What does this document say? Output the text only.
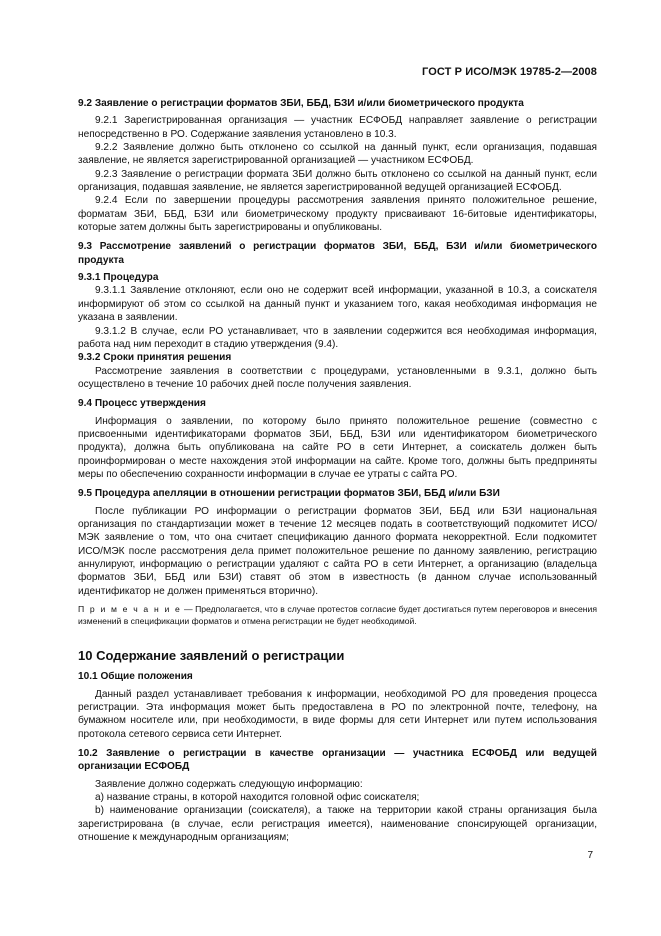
ГОСТ Р ИСО/МЭК 19785-2—2008

9.2 Заявление о регистрации форматов ЗБИ, ББД, БЗИ и/или биометрического продукта

9.2.1 Зарегистрированная организация — участник ЕСФОБД направляет заявление о регистрации непосредственно в РО. Содержание заявления установлено в 10.3.

9.2.2 Заявление должно быть отклонено со ссылкой на данный пункт, если организация, подавшая заявление, не является зарегистрированной организацией — участником ЕСФОБД.

9.2.3 Заявление о регистрации формата ЗБИ должно быть отклонено со ссылкой на данный пункт, если организация, подавшая заявление, не является зарегистрированной ведущей организацией ЕСФОБД.

9.2.4 Если по завершении процедуры рассмотрения заявления принято положительное решение, форматам ЗБИ, ББД, БЗИ или биометрическому продукту присваивают 16-битовые идентификаторы, которые затем должны быть зарегистрированы и опубликованы.

9.3 Рассмотрение заявлений о регистрации форматов ЗБИ, ББД, БЗИ и/или биометрического продукта

9.3.1 Процедура

9.3.1.1 Заявление отклоняют, если оно не содержит всей информации, указанной в 10.3, а соискателя информируют об этом со ссылкой на данный пункт и указанием того, какая необходимая информация не указана в заявлении.

9.3.1.2 В случае, если РО устанавливает, что в заявлении содержится вся необходимая информация, работа над ним переходит в стадию утверждения (9.4).

9.3.2 Сроки принятия решения

Рассмотрение заявления в соответствии с процедурами, установленными в 9.3.1, должно быть осуществлено в течение 10 рабочих дней после получения заявления.

9.4 Процесс утверждения

Информация о заявлении, по которому было принято положительное решение (совместно с присвоенными идентификаторами форматов ЗБИ, ББД, БЗИ или идентификатором биометрического продукта), должна быть опубликована на сайте РО в сети Интернет, а соискатель должен быть проинформирован о месте нахождения этой информации на сайте. Кроме того, должны быть предприняты меры по обеспечению сохранности информации в случае ее утраты с сайта РО.

9.5 Процедура апелляции в отношении регистрации форматов ЗБИ, ББД и/или БЗИ

После публикации РО информации о регистрации форматов ЗБИ, ББД или БЗИ национальная организация по стандартизации может в течение 12 месяцев подать в соответствующий подкомитет ИСО/МЭК заявление о том, что она считает спецификацию данного формата некорректной. Если подкомитет ИСО/МЭК после рассмотрения дела примет положительное решение по данному заявлению, регистрацию аннулируют, информацию о регистрации удаляют с сайта РО в сети Интернет, а организацию (владельца форматов ЗБИ, ББД или БЗИ) ставят об этом в известность (в данном случае использованный идентификатор не должен применяться вторично).

П р и м е ч а н и е — Предполагается, что в случае протестов согласие будет достигаться путем переговоров и внесения изменений в спецификации форматов и отмена регистрации не будет необходимой.

10 Содержание заявлений о регистрации

10.1 Общие положения

Данный раздел устанавливает требования к информации, необходимой РО для проведения процесса регистрации. Эта информация может быть предоставлена в РО по электронной почте, телефону, на бумажном носителе или, при необходимости, в виде формы для сети Интернет или путем использования протокола сетевого сервиса сети Интернет.

10.2 Заявление о регистрации в качестве организации — участника ЕСФОБД или ведущей организации ЕСФОБД

Заявление должно содержать следующую информацию:

а) название страны, в которой находится головной офис соискателя;

b) наименование организации (соискателя), а также на территории какой страны организация была зарегистрирована (в случае, если регистрация имеется), наименование спонсирующей организации, отношение к международным организациям;

7
